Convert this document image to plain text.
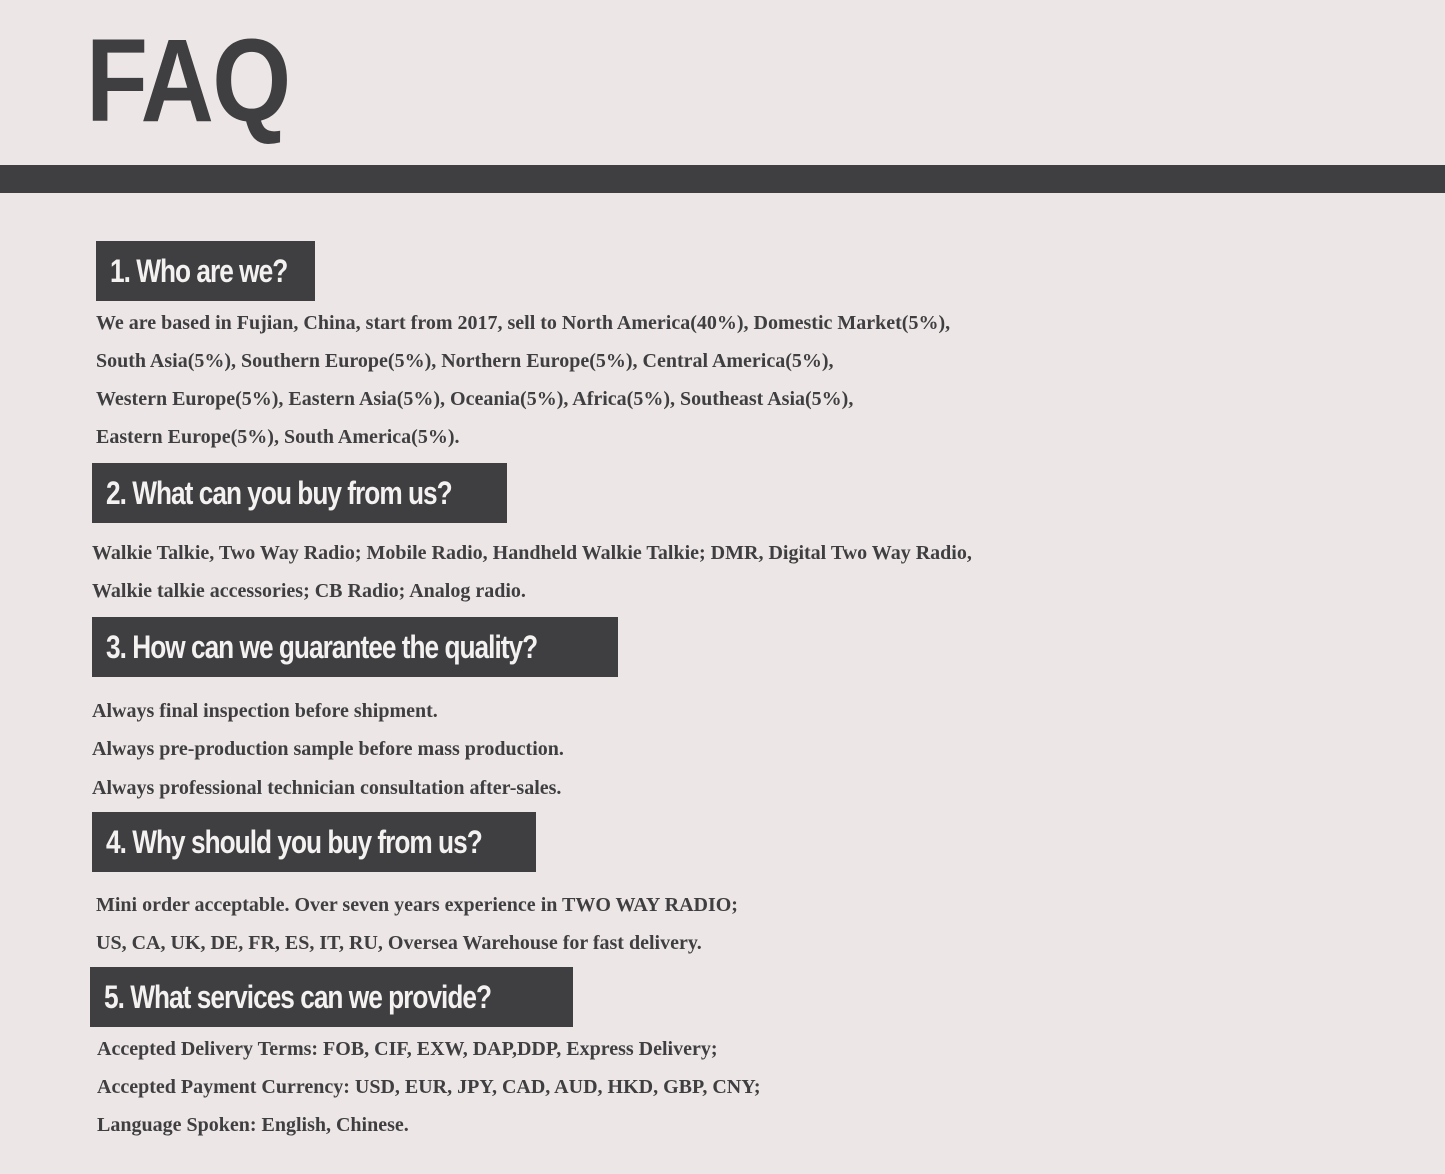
FAQ
1. Who are we?

We are based in Fujian, China, start from 2017, sell to North America(40%), Domestic Market(5%),

South Asia(5%), Southern Europe(5%), Northern Europe(5%), Central America(5%),

Western Europe(5%), Eastern Asia(5%), Oceania(5%), Africa(5%), Southeast Asia(5%),

Eastern Europe(5%), South America(5%).

2. What can you buy from us?

Walkie Talkie, Two Way Radio; Mobile Radio, Handheld Walkie Talkie; DMR, Digital Two Way Radio,

Walkie talkie accessories; CB Radio; Analog radio.

3. How can we guarantee the quality?

Always final inspection before shipment.

Always pre-production sample before mass production.

Always professional technician consultation after-sales.

4. Why should you buy from us?

Mini order acceptable. Over seven years experience in TWO WAY RADIO;

US, CA, UK, DE, FR, ES, IT, RU, Oversea Warehouse for fast delivery.

5. What services can we provide?

Accepted Delivery Terms: FOB, CIF, EXW, DAP,DDP, Express Delivery;

Accepted Payment Currency: USD, EUR, JPY, CAD, AUD, HKD, GBP, CNY;

Language Spoken: English, Chinese.
